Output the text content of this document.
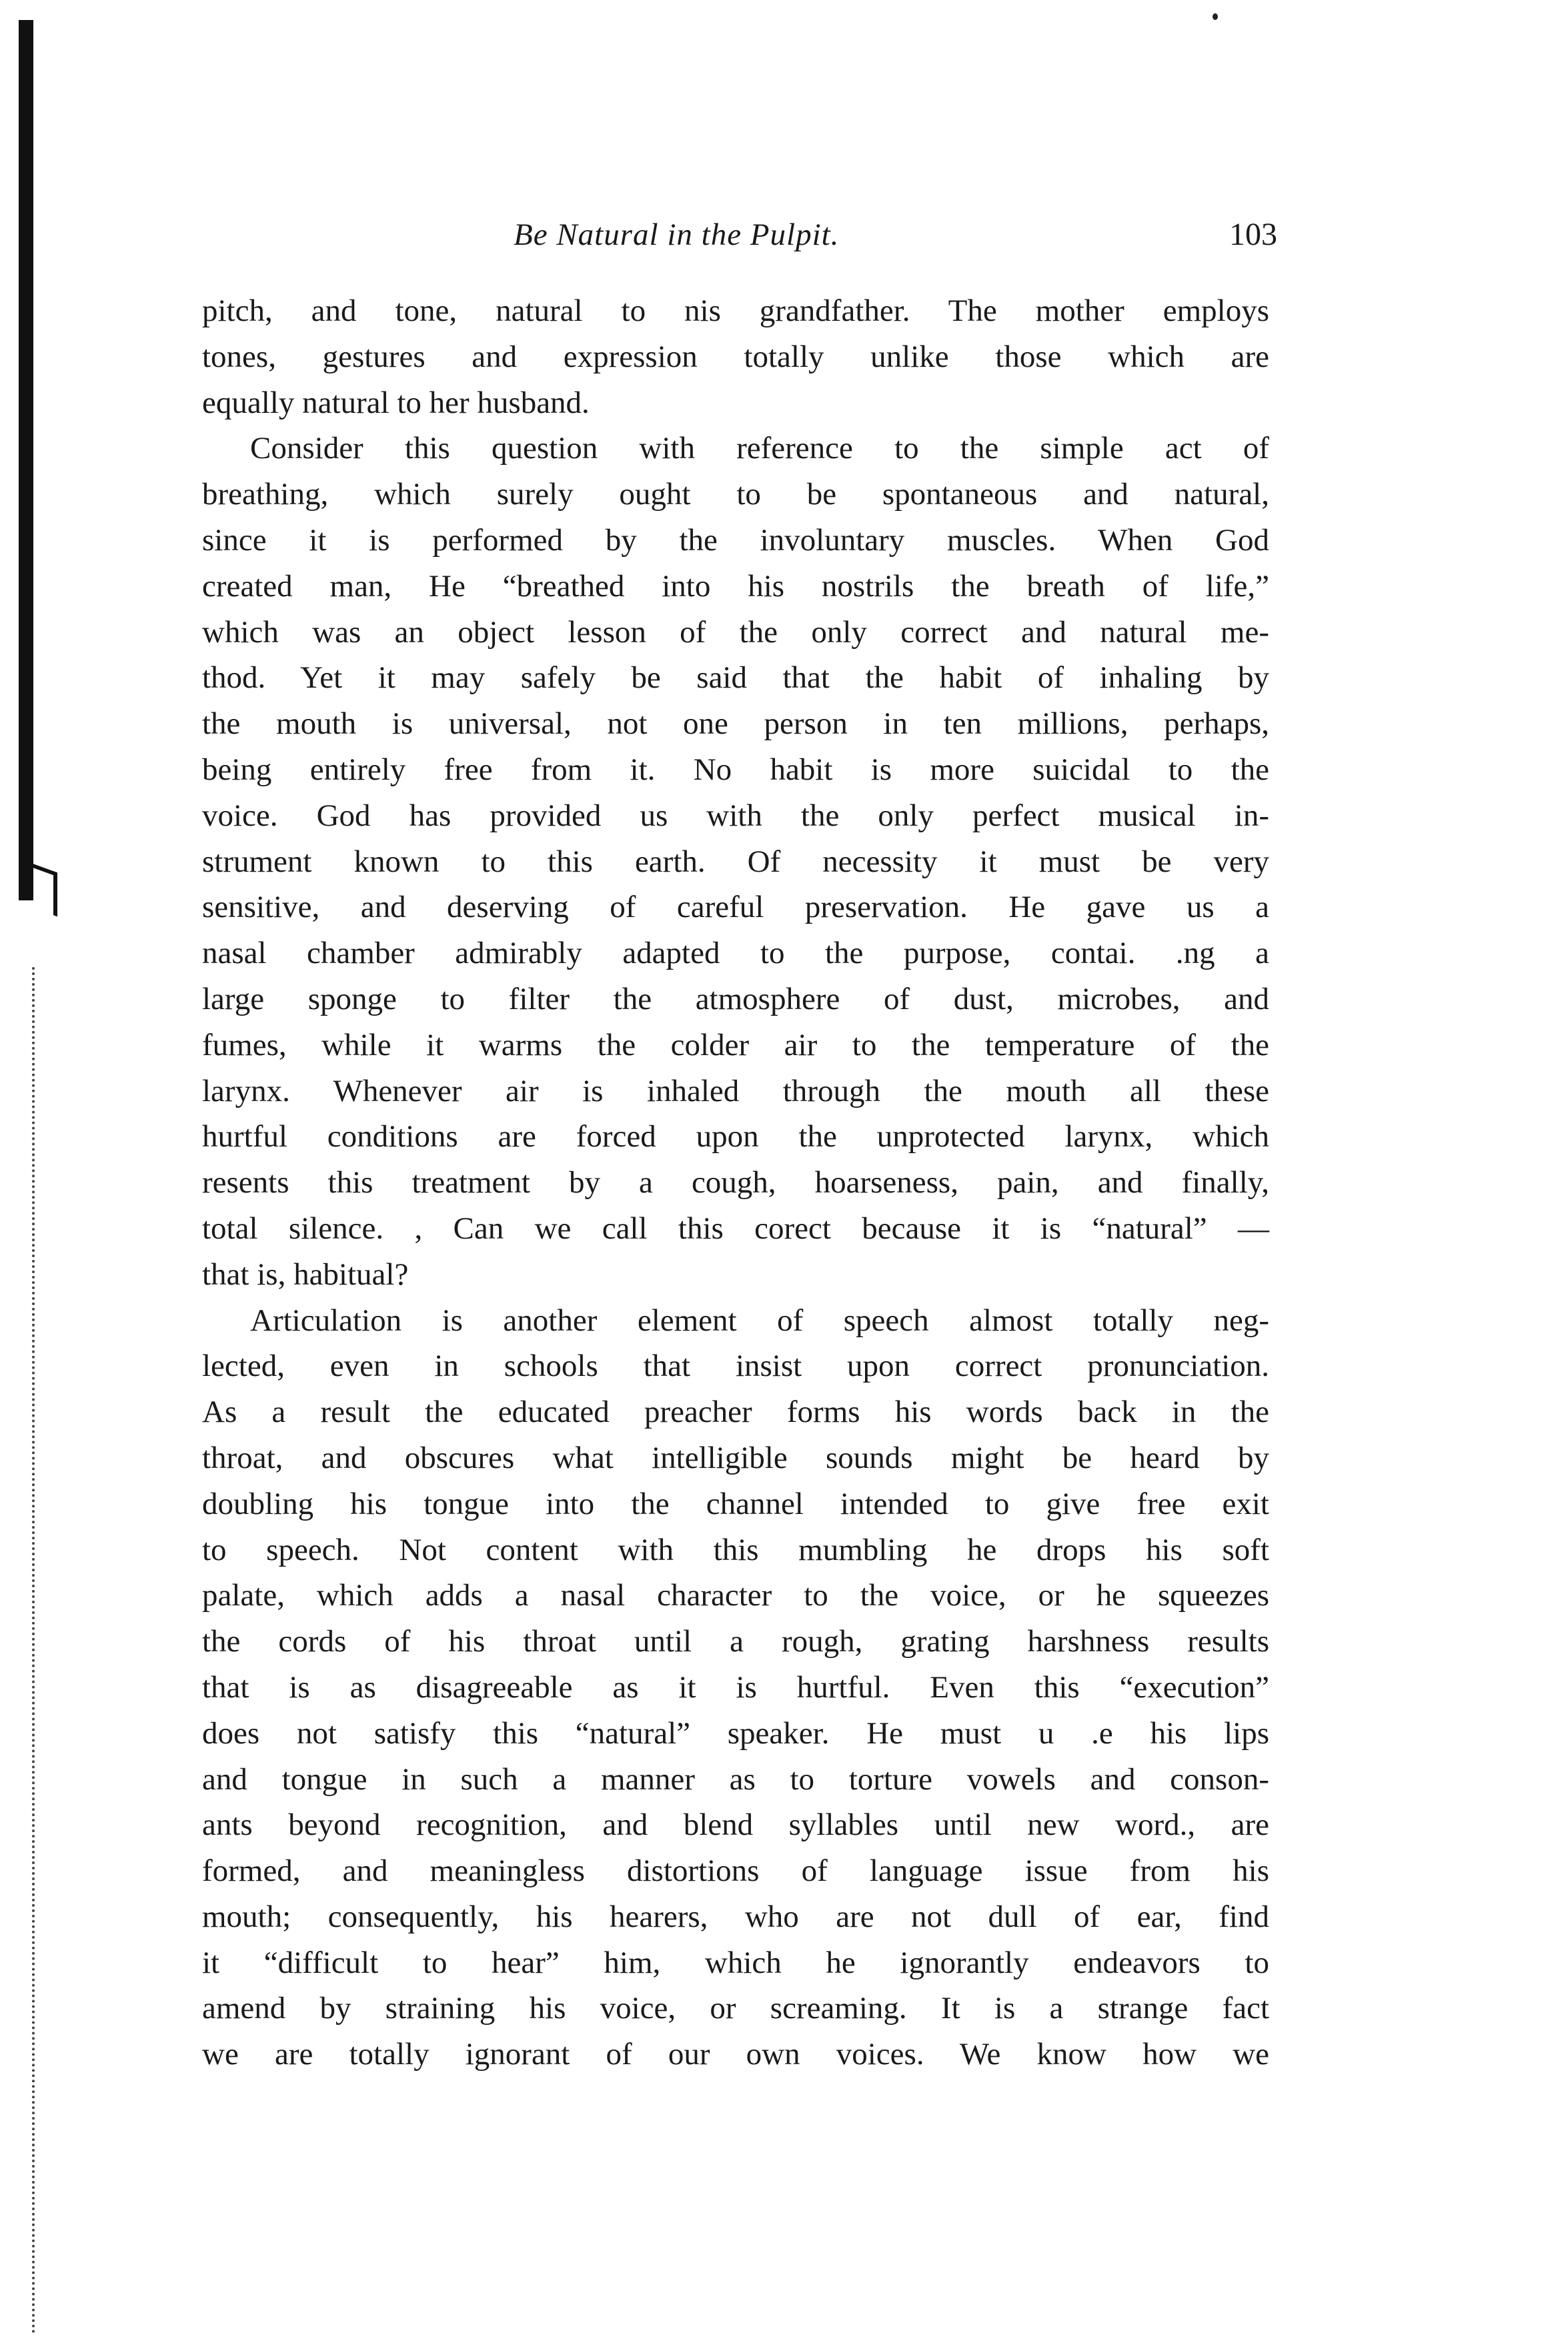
Be Natural in the Pulpit.	103
pitch, and tone, natural to nis grandfather. The mother employs
tones, gestures and expression totally unlike those which are
equally natural to her husband.
Consider this question with reference to the simple act of
breathing, which surely ought to be spontaneous and natural,
since it is performed by the involuntary muscles. When God
created man, He “breathed into his nostrils the breath of life,”
which was an object lesson of the only correct and natural me-
thod. Yet it may safely be said that the habit of inhaling by
the mouth is universal, not one person in ten millions, perhaps,
being entirely free from it. No habit is more suicidal to the
voice. God has provided us with the only perfect musical in-
strument known to this earth. Of necessity it must be very
sensitive, and deserving of careful preservation. He gave us a
nasal chamber admirably adapted to the purpose, contai. .ng a
large sponge to filter the atmosphere of dust, microbes, and
fumes, while it warms the colder air to the temperature of the
larynx. Whenever air is inhaled through the mouth all these
hurtful conditions are forced upon the unprotected larynx, which
resents this treatment by a cough, hoarseness, pain, and finally,
total silence. , Can we call this corect because it is “natural” —
that is, habitual?
Articulation is another element of speech almost totally neg-
lected, even in schools that insist upon correct pronunciation.
As a result the educated preacher forms his words back in the
throat, and obscures what intelligible sounds might be heard by
doubling his tongue into the channel intended to give free exit
to speech. Not content with this mumbling he drops his soft
palate, which adds a nasal character to the voice, or he squeezes
the cords of his throat until a rough, grating harshness results
that is as disagreeable as it is hurtful. Even this “execution”
does not satisfy this “natural” speaker. He must u .e his lips
and tongue in such a manner as to torture vowels and conson-
ants beyond recognition, and blend syllables until new word., are
formed, and meaningless distortions of language issue from his
mouth; consequently, his hearers, who are not dull of ear, find
it “difficult to hear” him, which he ignorantly endeavors to
amend by straining his voice, or screaming. It is a strange fact
we are totally ignorant of our own voices. We know how we
